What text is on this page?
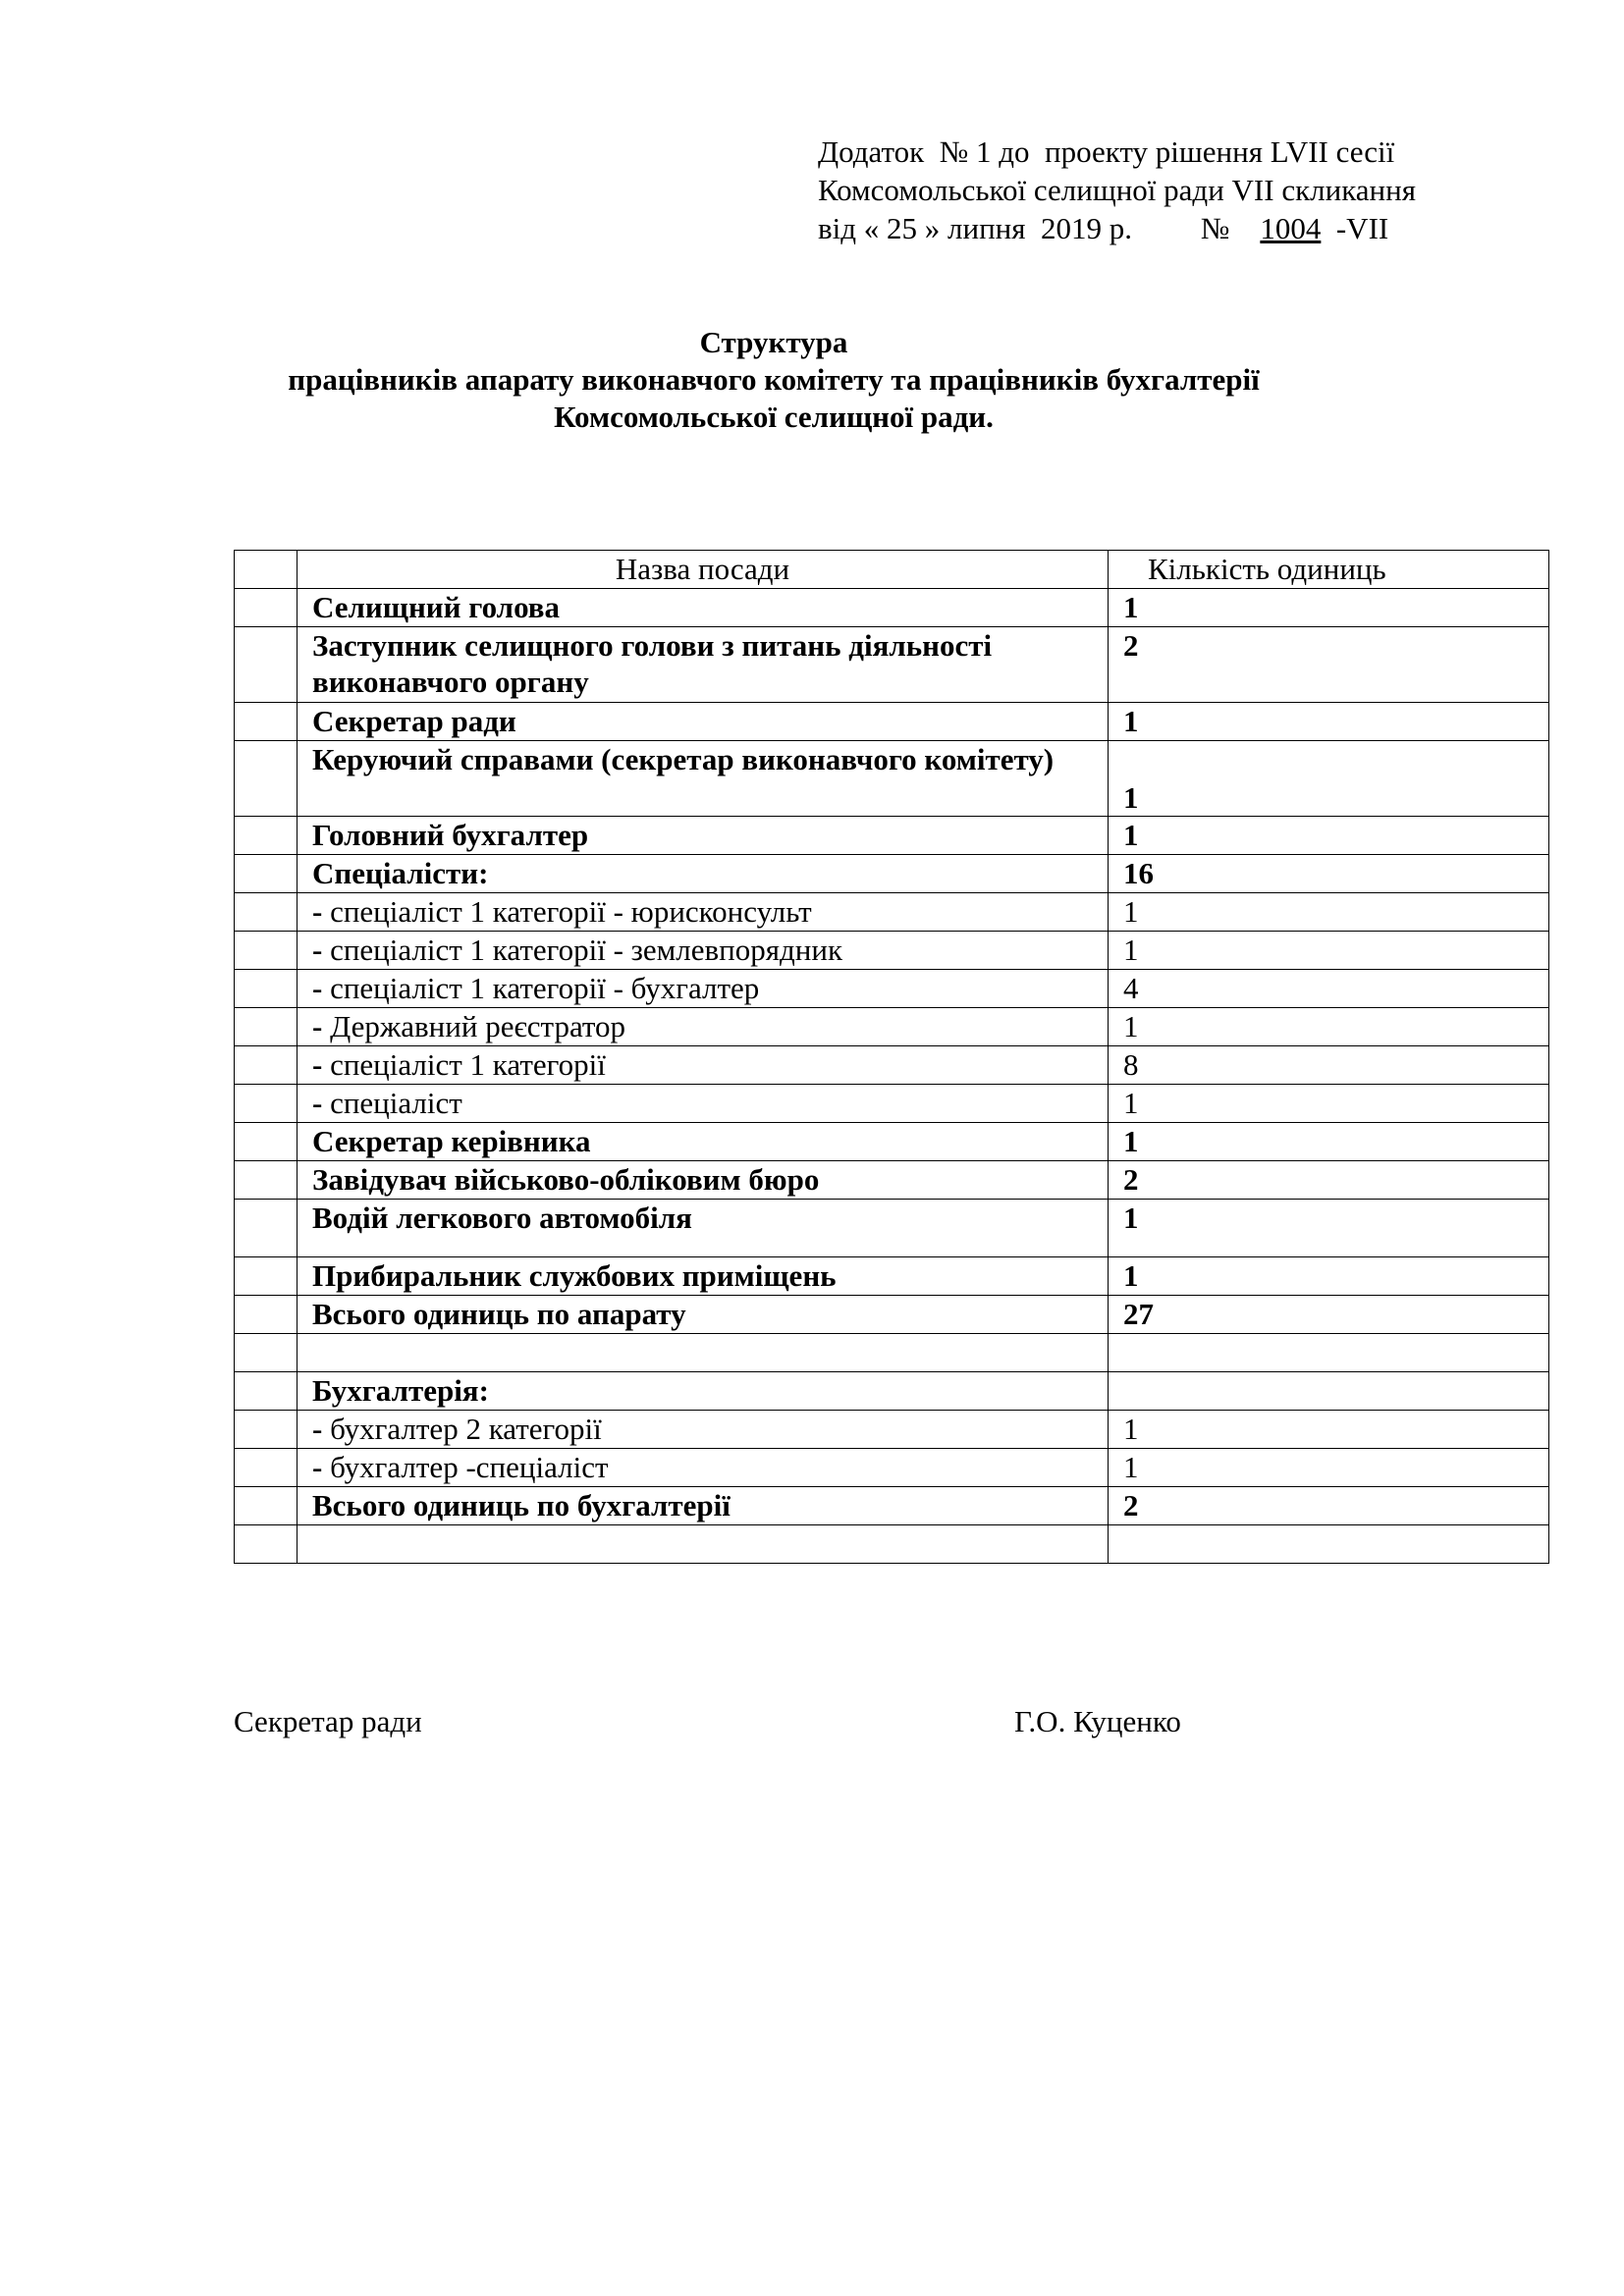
Додаток  № 1 до  проекту рішення LVII сесії
Комсомольської селищної ради VII скликання
від « 25 » липня  2019 р.         №    1004  -VII
Структура
працівників апарату виконавчого комітету та працівників бухгалтерії
Комсомольської селищної ради.
	Назва посади	Кількість одиниць
	Селищний голова	1
	Заступник селищного голови з питань діяльності виконавчого органу	2
	Секретар ради	1
	Керуючий справами (секретар виконавчого комітету)	1
	Головний бухгалтер	1
	Спеціалісти:	16
	- спеціаліст 1 категорії - юрисконсульт	1
	- спеціаліст 1 категорії - землевпорядник	1
	- спеціаліст 1 категорії - бухгалтер	4
	- Державний реєстратор	1
	- спеціаліст 1 категорії	8
	- спеціаліст	1
	Секретар керівника	1
	Завідувач військово-обліковим бюро	2
	Водій легкового автомобіля	1
	Прибиральник службових приміщень	1
	Всього одиниць по апарату	27

	Бухгалтерія:	
	- бухгалтер 2 категорії	1
	- бухгалтер -спеціаліст	1
	Всього одиниць по бухгалтерії	2

Секретар ради	Г.О. Куценко
